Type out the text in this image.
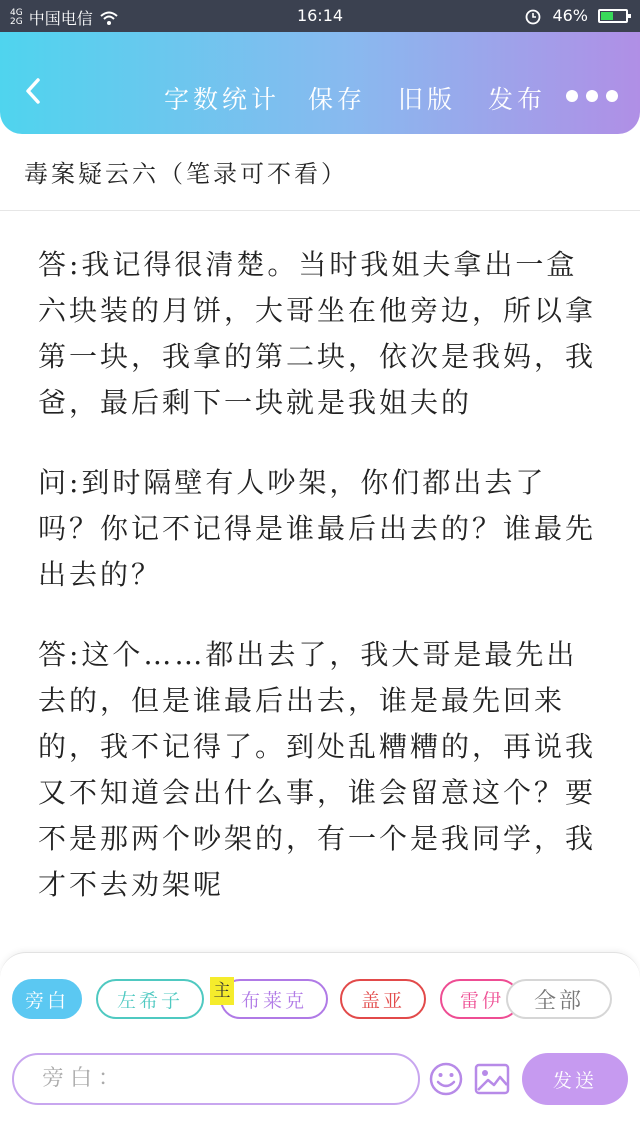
4G
2G 中国电信	16:14	46%
字数统计 保存 旧版 发布
毒案疑云六（笔录可不看）

答:我记得很清楚。当时我姐夫拿出一盒六块装的月饼，大哥坐在他旁边，所以拿第一块，我拿的第二块，依次是我妈，我爸，最后剩下一块就是我姐夫的

问:到时隔壁有人吵架，你们都出去了吗？你记不记得是谁最后出去的？谁最先出去的？

答:这个……都出去了，我大哥是最先出去的，但是谁最后出去，谁是最先回来的，我不记得了。到处乱糟糟的，再说我又不知道会出什么事，谁会留意这个？要不是那两个吵架的，有一个是我同学，我才不去劝架呢

旁白	左希子	布莱克
主	盖亚	雷伊	全部
旁白：	发送
